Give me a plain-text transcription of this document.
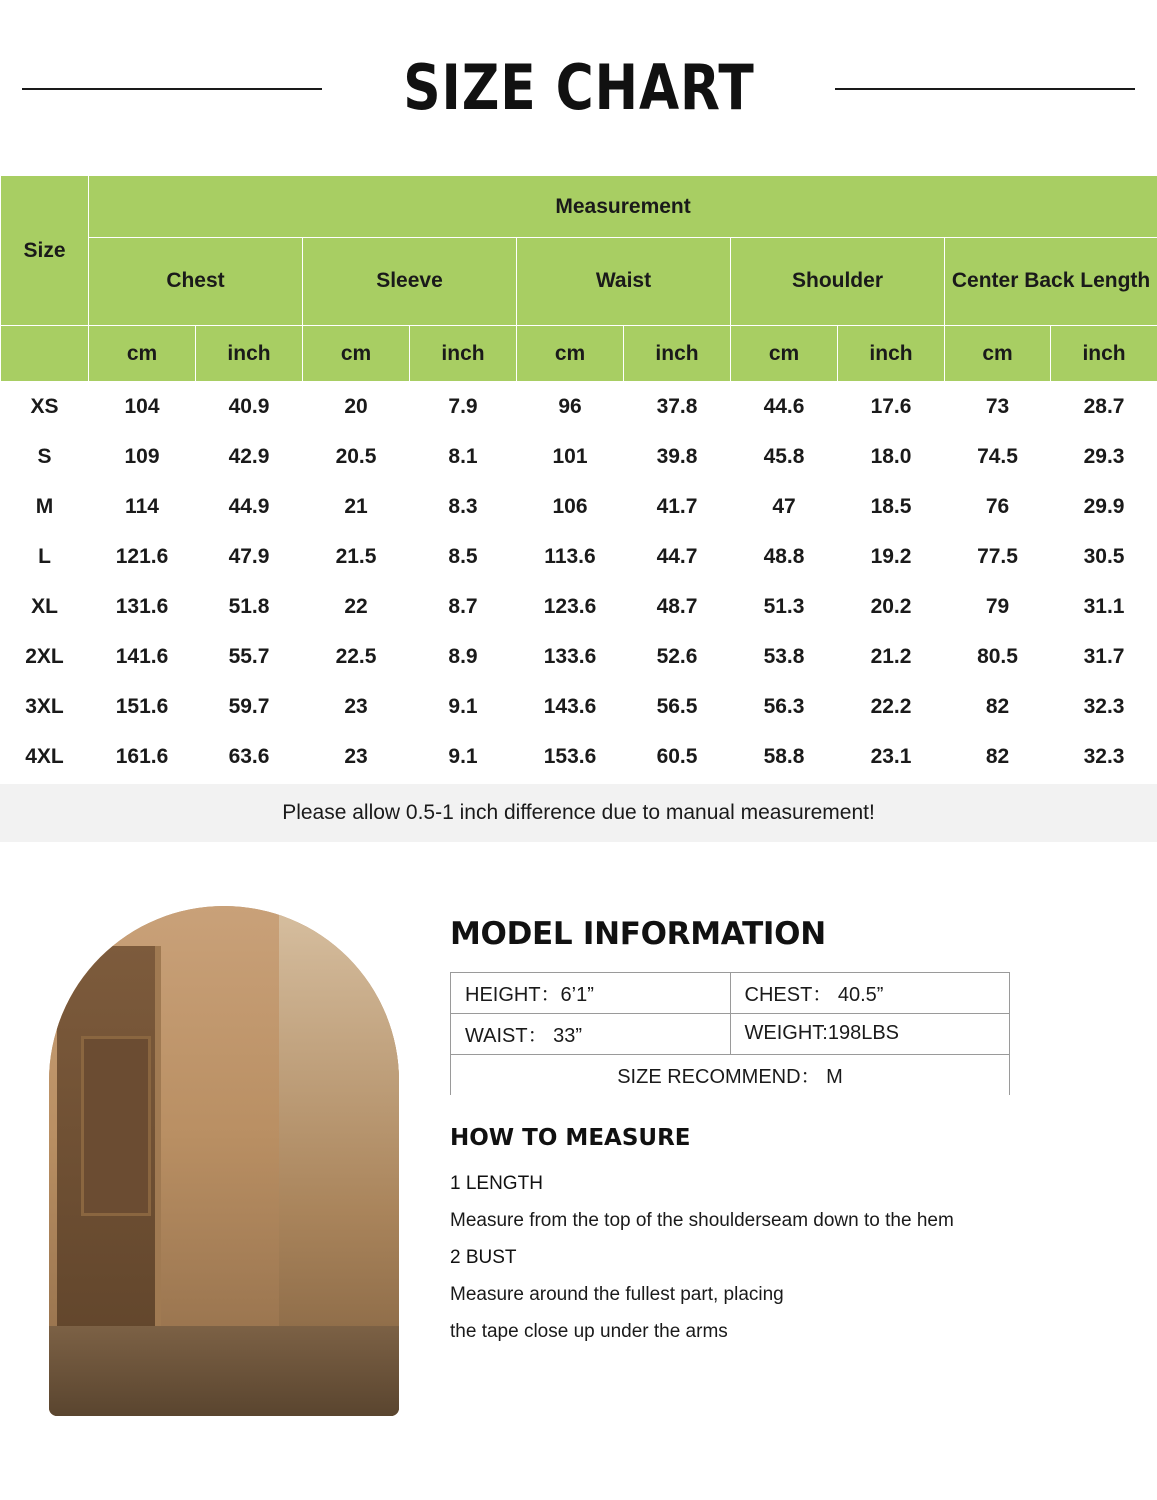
SIZE CHART
Size	Measurement									
	Chest		Sleeve		Waist		Shoulder		Center Back Length	
	cm	inch	cm	inch	cm	inch	cm	inch	cm	inch
XS	104	40.9	20	7.9	96	37.8	44.6	17.6	73	28.7
S	109	42.9	20.5	8.1	101	39.8	45.8	18.0	74.5	29.3
M	114	44.9	21	8.3	106	41.7	47	18.5	76	29.9
L	121.6	47.9	21.5	8.5	113.6	44.7	48.8	19.2	77.5	30.5
XL	131.6	51.8	22	8.7	123.6	48.7	51.3	20.2	79	31.1
2XL	141.6	55.7	22.5	8.9	133.6	52.6	53.8	21.2	80.5	31.7
3XL	151.6	59.7	23	9.1	143.6	56.5	56.3	22.2	82	32.3
4XL	161.6	63.6	23	9.1	153.6	60.5	58.8	23.1	82	32.3
Please allow 0.5-1 inch difference due to manual measurement!
MODEL INFORMATION
HEIGHT：6’1”	CHEST： 40.5”
WAIST： 33”	WEIGHT:198LBS
SIZE RECOMMEND： M	
HOW TO MEASURE
1 LENGTH
Measure from the top of the shoulderseam down to the hem
2 BUST
Measure around the fullest part, placing
the tape close up under the arms
